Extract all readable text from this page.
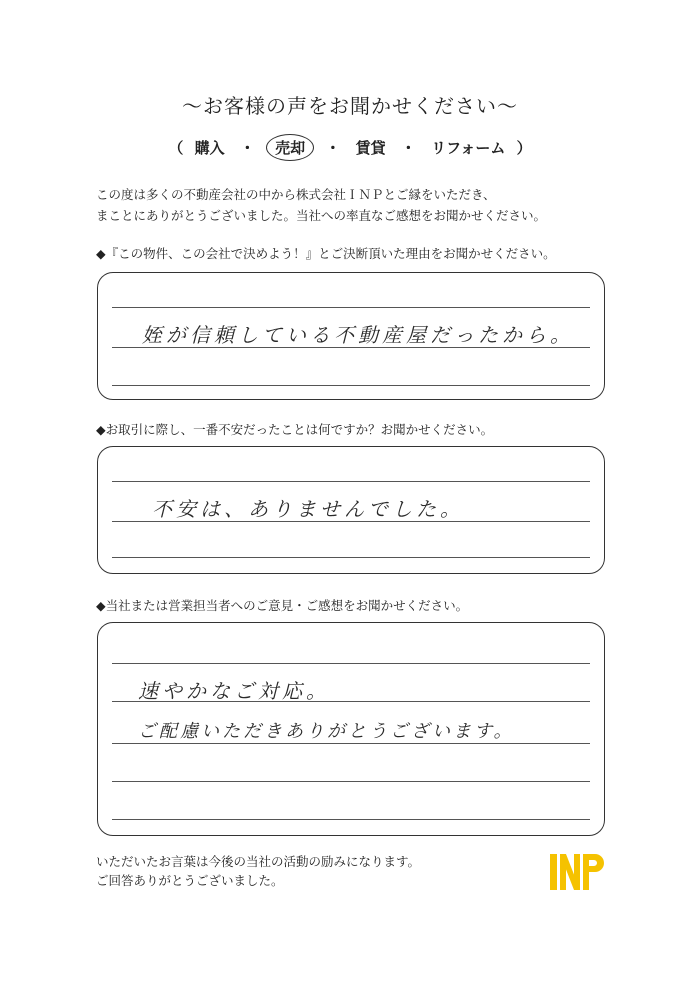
～お客様の声をお聞かせください～
（ 購入 ・ 売却 ・ 賃貸 ・ リフォーム ）
この度は多くの不動産会社の中から株式会社ＩＮＰとご縁をいただき、
まことにありがとうございました。当社への率直なご感想をお聞かせください。
◆『この物件、この会社で決めよう！』とご決断頂いた理由をお聞かせください。
姪が信頼している不動産屋だったから。
◆お取引に際し、一番不安だったことは何ですか？お聞かせください。
不安は、ありませんでした。
◆当社または営業担当者へのご意見・ご感想をお聞かせください。
速やかなご対応。
ご配慮いただきありがとうございます。
いただいたお言葉は今後の当社の活動の励みになります。
ご回答ありがとうございました。
